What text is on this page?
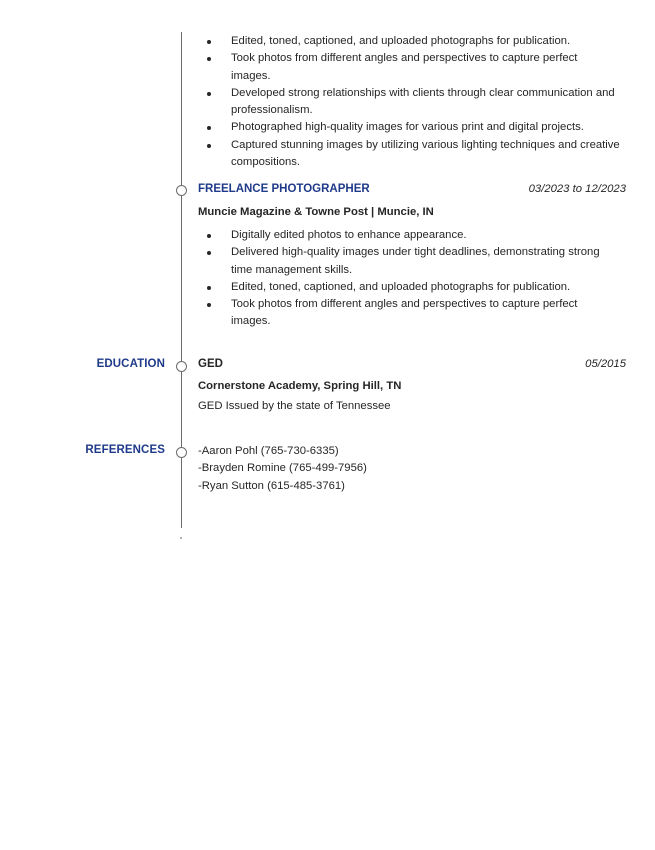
Edited, toned, captioned, and uploaded photographs for publication.
Took photos from different angles and perspectives to capture perfect images.
Developed strong relationships with clients through clear communication and professionalism.
Photographed high-quality images for various print and digital projects.
Captured stunning images by utilizing various lighting techniques and creative compositions.
FREELANCE PHOTOGRAPHER	03/2023 to 12/2023
Muncie Magazine & Towne Post | Muncie, IN
Digitally edited photos to enhance appearance.
Delivered high-quality images under tight deadlines, demonstrating strong time management skills.
Edited, toned, captioned, and uploaded photographs for publication.
Took photos from different angles and perspectives to capture perfect images.
EDUCATION	GED	05/2015
Cornerstone Academy, Spring Hill, TN
GED Issued by the state of Tennessee
REFERENCES	-Aaron Pohl (765-730-6335)
-Brayden Romine (765-499-7956)
-Ryan Sutton (615-485-3761)
